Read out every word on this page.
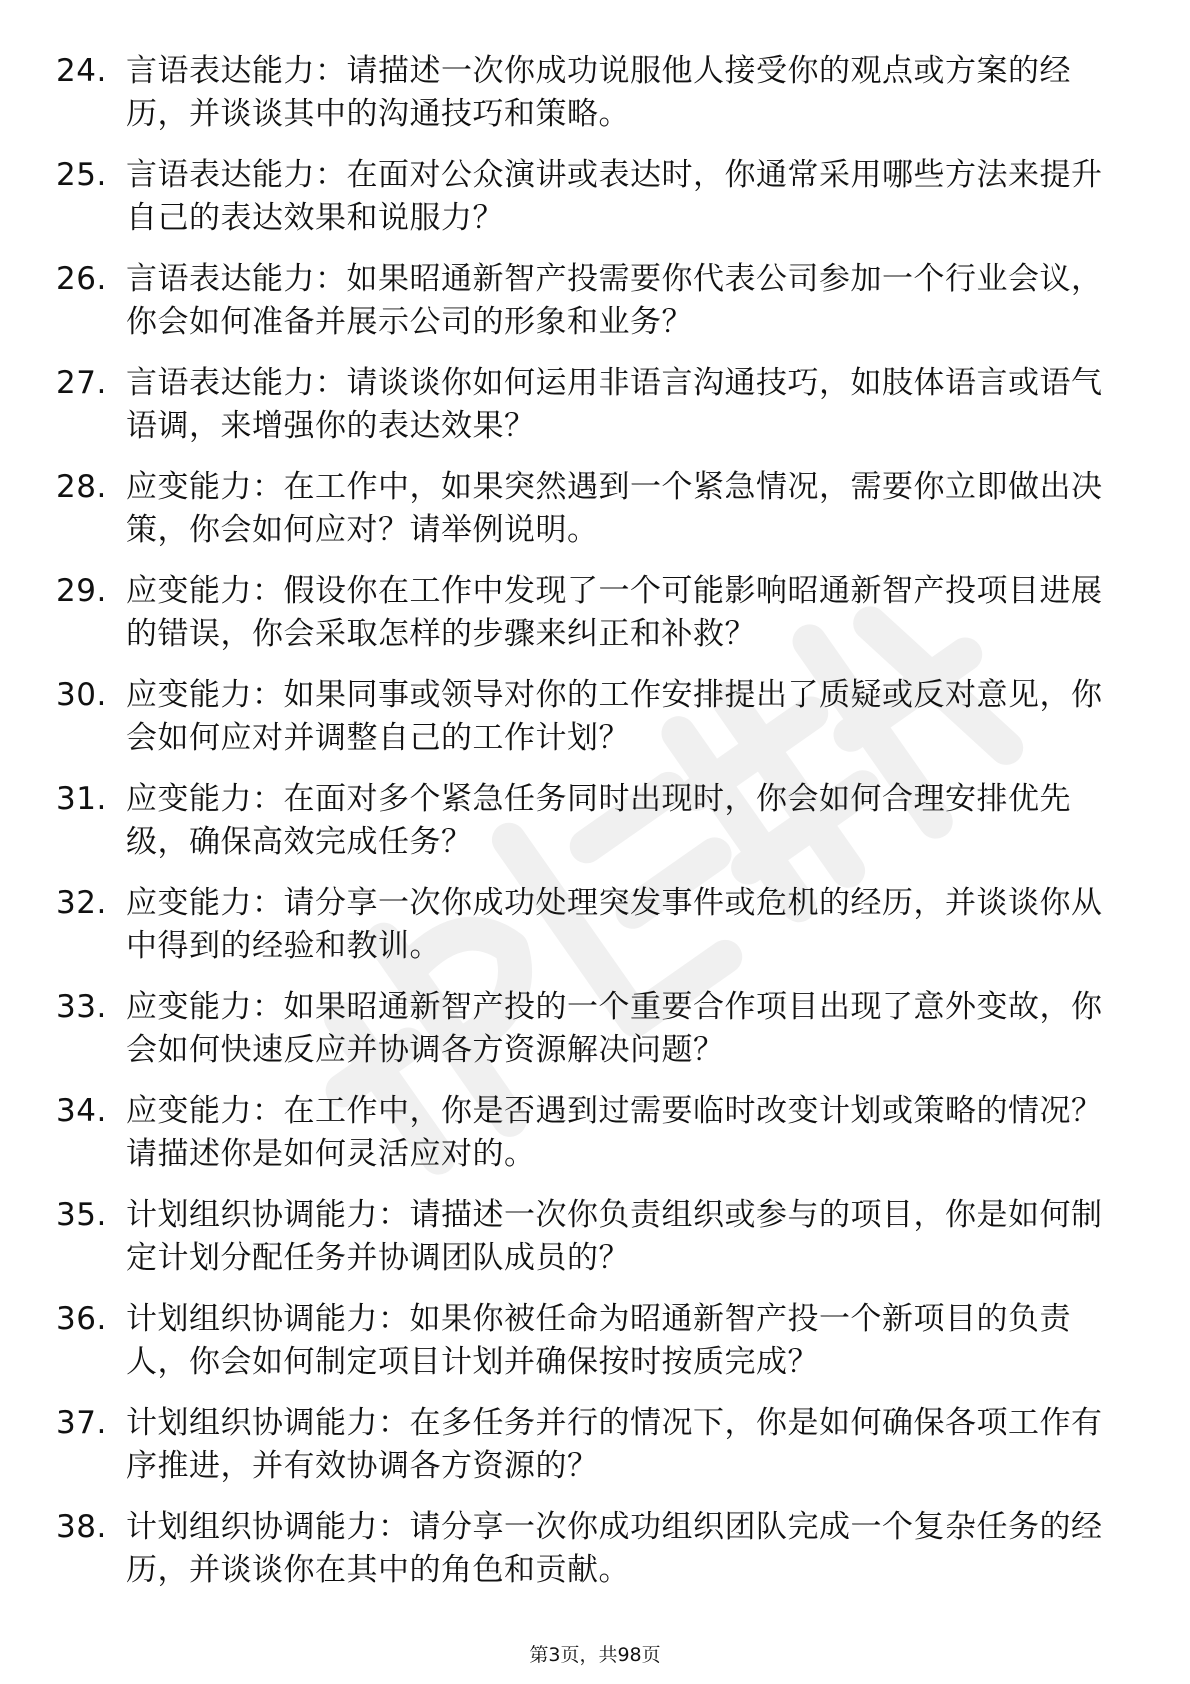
24. 言语表达能力：请描述一次你成功说服他人接受你的观点或方案的经历，并谈谈其中的沟通技巧和策略。
25. 言语表达能力：在面对公众演讲或表达时，你通常采用哪些方法来提升自己的表达效果和说服力？
26. 言语表达能力：如果昭通新智产投需要你代表公司参加一个行业会议，你会如何准备并展示公司的形象和业务？
27. 言语表达能力：请谈谈你如何运用非语言沟通技巧，如肢体语言或语气语调，来增强你的表达效果？
28. 应变能力：在工作中，如果突然遇到一个紧急情况，需要你立即做出决策，你会如何应对？请举例说明。
29. 应变能力：假设你在工作中发现了一个可能影响昭通新智产投项目进展的错误，你会采取怎样的步骤来纠正和补救？
30. 应变能力：如果同事或领导对你的工作安排提出了质疑或反对意见，你会如何应对并调整自己的工作计划？
31. 应变能力：在面对多个紧急任务同时出现时，你会如何合理安排优先级，确保高效完成任务？
32. 应变能力：请分享一次你成功处理突发事件或危机的经历，并谈谈你从中得到的经验和教训。
33. 应变能力：如果昭通新智产投的一个重要合作项目出现了意外变故，你会如何快速反应并协调各方资源解决问题？
34. 应变能力：在工作中，你是否遇到过需要临时改变计划或策略的情况？请描述你是如何灵活应对的。
35. 计划组织协调能力：请描述一次你负责组织或参与的项目，你是如何制定计划分配任务并协调团队成员的？
36. 计划组织协调能力：如果你被任命为昭通新智产投一个新项目的负责人，你会如何制定项目计划并确保按时按质完成？
37. 计划组织协调能力：在多任务并行的情况下，你是如何确保各项工作有序推进，并有效协调各方资源的？
38. 计划组织协调能力：请分享一次你成功组织团队完成一个复杂任务的经历，并谈谈你在其中的角色和贡献。
第3页，共98页
